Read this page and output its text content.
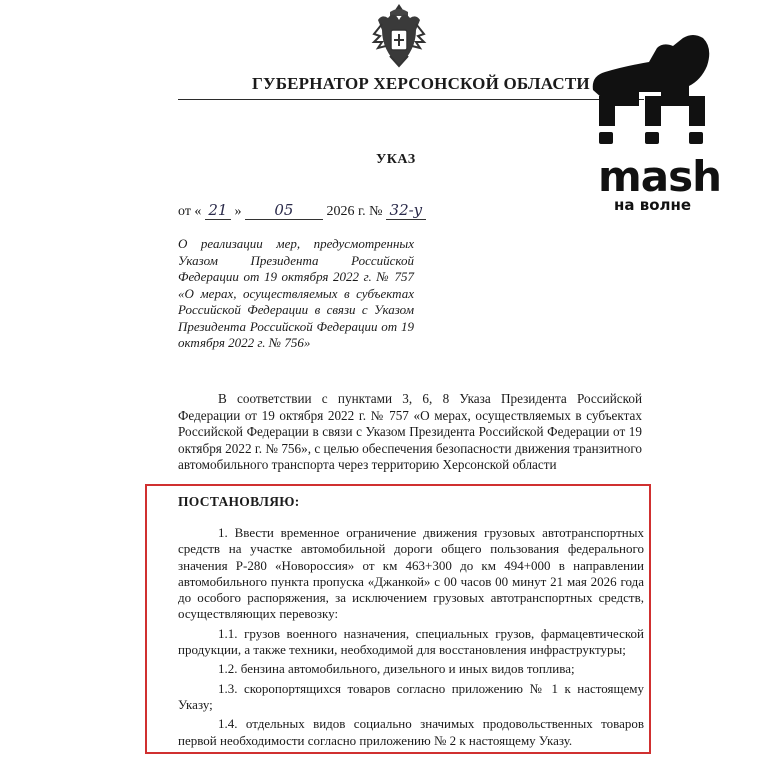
ГУБЕРНАТОР ХЕРСОНСКОЙ ОБЛАСТИ
УКАЗ
от « 21 » 05 2026 г. № 32-у
О реализации мер, предусмотренных Указом Президента Российской Федерации от 19 октября 2022 г. № 757 «О мерах, осуществляемых в субъектах Российской Федерации в связи с Указом Президента Российской Федерации от 19 октября 2022 г. № 756»
В соответствии с пунктами 3, 6, 8 Указа Президента Российской Федерации от 19 октября 2022 г. № 757 «О мерах, осуществляемых в субъектах Российской Федерации в связи с Указом Президента Российской Федерации от 19 октября 2022 г. № 756», с целью обеспечения безопасности движения транзитного автомобильного транспорта через территорию Херсонской области
ПОСТАНОВЛЯЮ:

1. Ввести временное ограничение движения грузовых автотранспортных средств на участке автомобильной дороги общего пользования федерального значения Р-280 «Новороссия» от км 463+300 до км 494+000 в направлении автомобильного пункта пропуска «Джанкой» с 00 часов 00 минут 21 мая 2026 года до особого распоряжения, за исключением грузовых автотранспортных средств, осуществляющих перевозку:

1.1. грузов военного назначения, специальных грузов, фармацевтической продукции, а также техники, необходимой для восстановления инфраструктуры;

1.2. бензина автомобильного, дизельного и иных видов топлива;

1.3. скоропортящихся товаров согласно приложению № 1 к настоящему Указу;

1.4. отдельных видов социально значимых продовольственных товаров первой необходимости согласно приложению № 2 к настоящему Указу.

mash
на волне
